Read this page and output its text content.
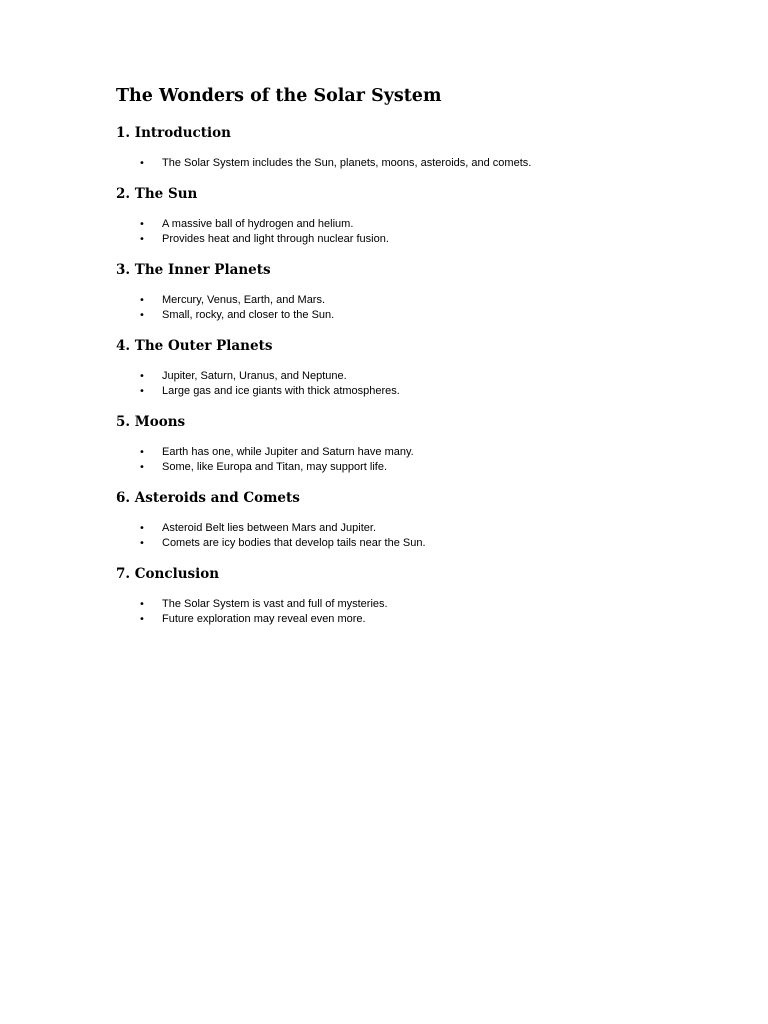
The Wonders of the Solar System
1. Introduction
• The Solar System includes the Sun, planets, moons, asteroids, and comets.
2. The Sun
• A massive ball of hydrogen and helium.
• Provides heat and light through nuclear fusion.
3. The Inner Planets
• Mercury, Venus, Earth, and Mars.
• Small, rocky, and closer to the Sun.
4. The Outer Planets
• Jupiter, Saturn, Uranus, and Neptune.
• Large gas and ice giants with thick atmospheres.
5. Moons
• Earth has one, while Jupiter and Saturn have many.
• Some, like Europa and Titan, may support life.
6. Asteroids and Comets
• Asteroid Belt lies between Mars and Jupiter.
• Comets are icy bodies that develop tails near the Sun.
7. Conclusion
• The Solar System is vast and full of mysteries.
• Future exploration may reveal even more.
